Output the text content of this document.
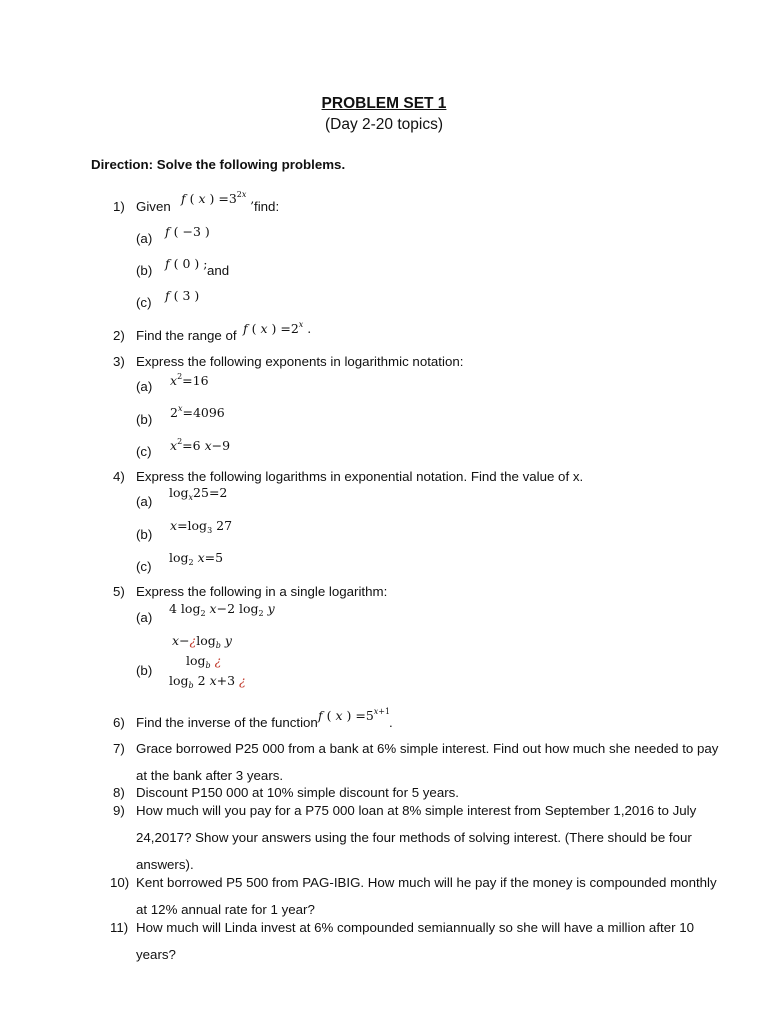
PROBLEM SET 1
(Day 2-20 topics)
Direction: Solve the following problems.
1) Given
f ( x ) $=3^{2x}$ ,
find:
(a) f ( −3 )
(b) f ( 0 ) ; and
(c) f ( 3 )
2) Find the range of f ( x ) $=2^x$ .
3) Express the following exponents in logarithmic notation:
(a) $x^2=16$
(b) $2^x=4096$
(c) $x^2=6$ x−9
4) Express the following logarithms in exponential notation. Find the value of x.
(a)
$\log_x25=2$
(b)
$x=\log_3$ 27
(c)
$\log_2 x=5$
5) Express the following in a single logarithm:
(a)
4 $\log_2 x-2$ $\log_2 y$
$x-¿\log_b$ y
$\log_b$ ¿
(b)
$\log_b 2$ x+3 ¿
6) Find the inverse of the function f ( x ) $=5^{x+1}$
.
7) Grace borrowed P25 000 from a bank at 6% simple interest. Find out how much she needed to pay
at the bank after 3 years.
8) Discount P150 000 at 10% simple discount for 5 years.
9) How much will you pay for a P75 000 loan at 8% simple interest from September 1,2016 to July
24,2017? Show your answers using the four methods of solving interest. (There should be four
answers).
10) Kent borrowed P5 500 from PAG-IBIG. How much will he pay if the money is compounded monthly
at 12% annual rate for 1 year?
11) How much will Linda invest at 6% compounded semiannually so she will have a million after 10
years?
